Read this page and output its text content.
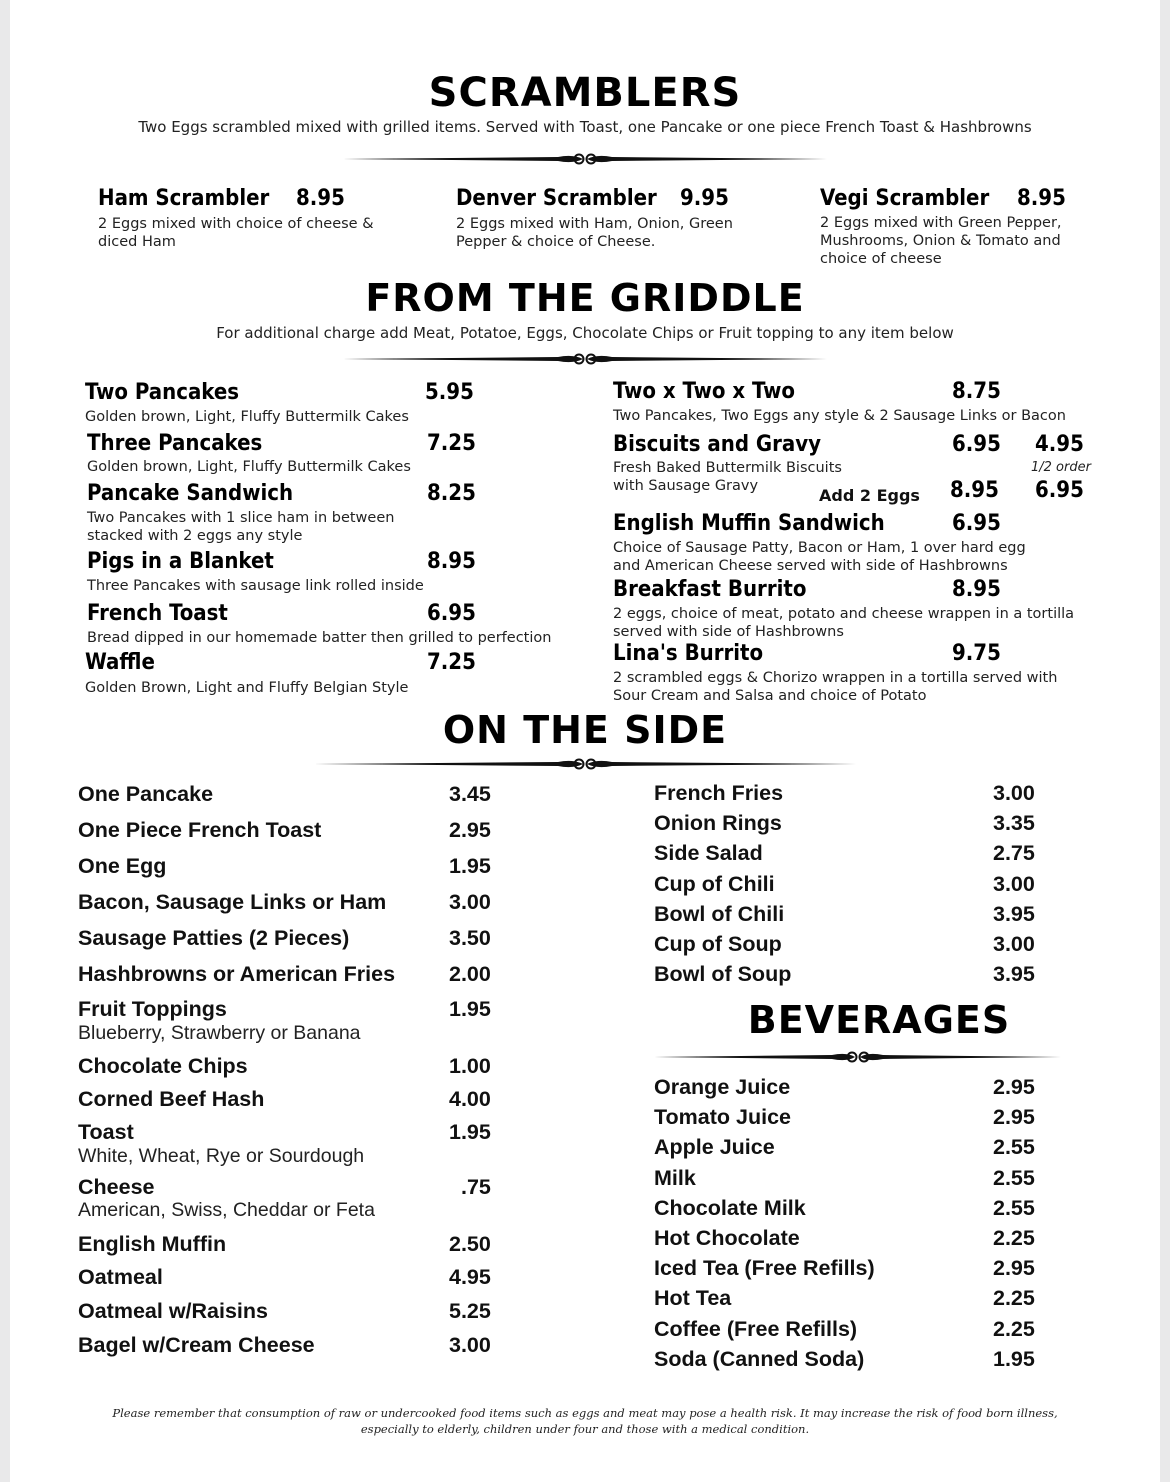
SCRAMBLERS
Two Eggs scrambled mixed with grilled items. Served with Toast, one Pancake or one piece French Toast & Hashbrowns
Ham Scrambler 8.95
2 Eggs mixed with choice of cheese & diced Ham
Denver Scrambler 9.95
2 Eggs mixed with Ham, Onion, Green Pepper & choice of Cheese.
Vegi Scrambler 8.95
2 Eggs mixed with Green Pepper, Mushrooms, Onion & Tomato and choice of cheese
FROM THE GRIDDLE
For additional charge add Meat, Potatoe, Eggs, Chocolate Chips or Fruit topping to any item below
Two Pancakes	5.95
Golden brown, Light, Fluffy Buttermilk Cakes
Three Pancakes	7.25
Golden brown, Light, Fluffy Buttermilk Cakes
Pancake Sandwich	8.25
Two Pancakes with 1 slice ham in between stacked with 2 eggs any style
Pigs in a Blanket	8.95
Three Pancakes with sausage link rolled inside
French Toast	6.95
Bread dipped in our homemade batter then grilled to perfection
Waffle	7.25
Golden Brown, Light and Fluffy Belgian Style
Two x Two x Two	8.75
Two Pancakes, Two Eggs any style & 2 Sausage Links or Bacon
Biscuits and Gravy	6.95 4.95
1/2 order
Fresh Baked Buttermilk Biscuits with Sausage Gravy	Add 2 Eggs 8.95 6.95
English Muffin Sandwich	6.95
Choice of Sausage Patty, Bacon or Ham, 1 over hard egg and American Cheese served with side of Hashbrowns
Breakfast Burrito	8.95
2 eggs, choice of meat, potato and cheese wrappen in a tortilla served with side of Hashbrowns
Lina's Burrito	9.75
2 scrambled eggs & Chorizo wrappen in a tortilla served with Sour Cream and Salsa and choice of Potato
ON THE SIDE
One Pancake	3.45
One Piece French Toast	2.95
One Egg	1.95
Bacon, Sausage Links or Ham	3.00
Sausage Patties (2 Pieces)	3.50
Hashbrowns or American Fries	2.00
Fruit Toppings	1.95
Blueberry, Strawberry or Banana
Chocolate Chips	1.00
Corned Beef Hash	4.00
Toast	1.95
White, Wheat, Rye or Sourdough
Cheese	.75
American, Swiss, Cheddar or Feta
English Muffin	2.50
Oatmeal	4.95
Oatmeal w/Raisins	5.25
Bagel w/Cream Cheese	3.00
French Fries	3.00
Onion Rings	3.35
Side Salad	2.75
Cup of Chili	3.00
Bowl of Chili	3.95
Cup of Soup	3.00
Bowl of Soup	3.95
BEVERAGES
Orange Juice	2.95
Tomato Juice	2.95
Apple Juice	2.55
Milk	2.55
Chocolate Milk	2.55
Hot Chocolate	2.25
Iced Tea (Free Refills)	2.95
Hot Tea	2.25
Coffee (Free Refills)	2.25
Soda (Canned Soda)	1.95
Please remember that consumption of raw or undercooked food items such as eggs and meat may pose a health risk. It may increase the risk of food born illness,
especially to elderly, children under four and those with a medical condition.
